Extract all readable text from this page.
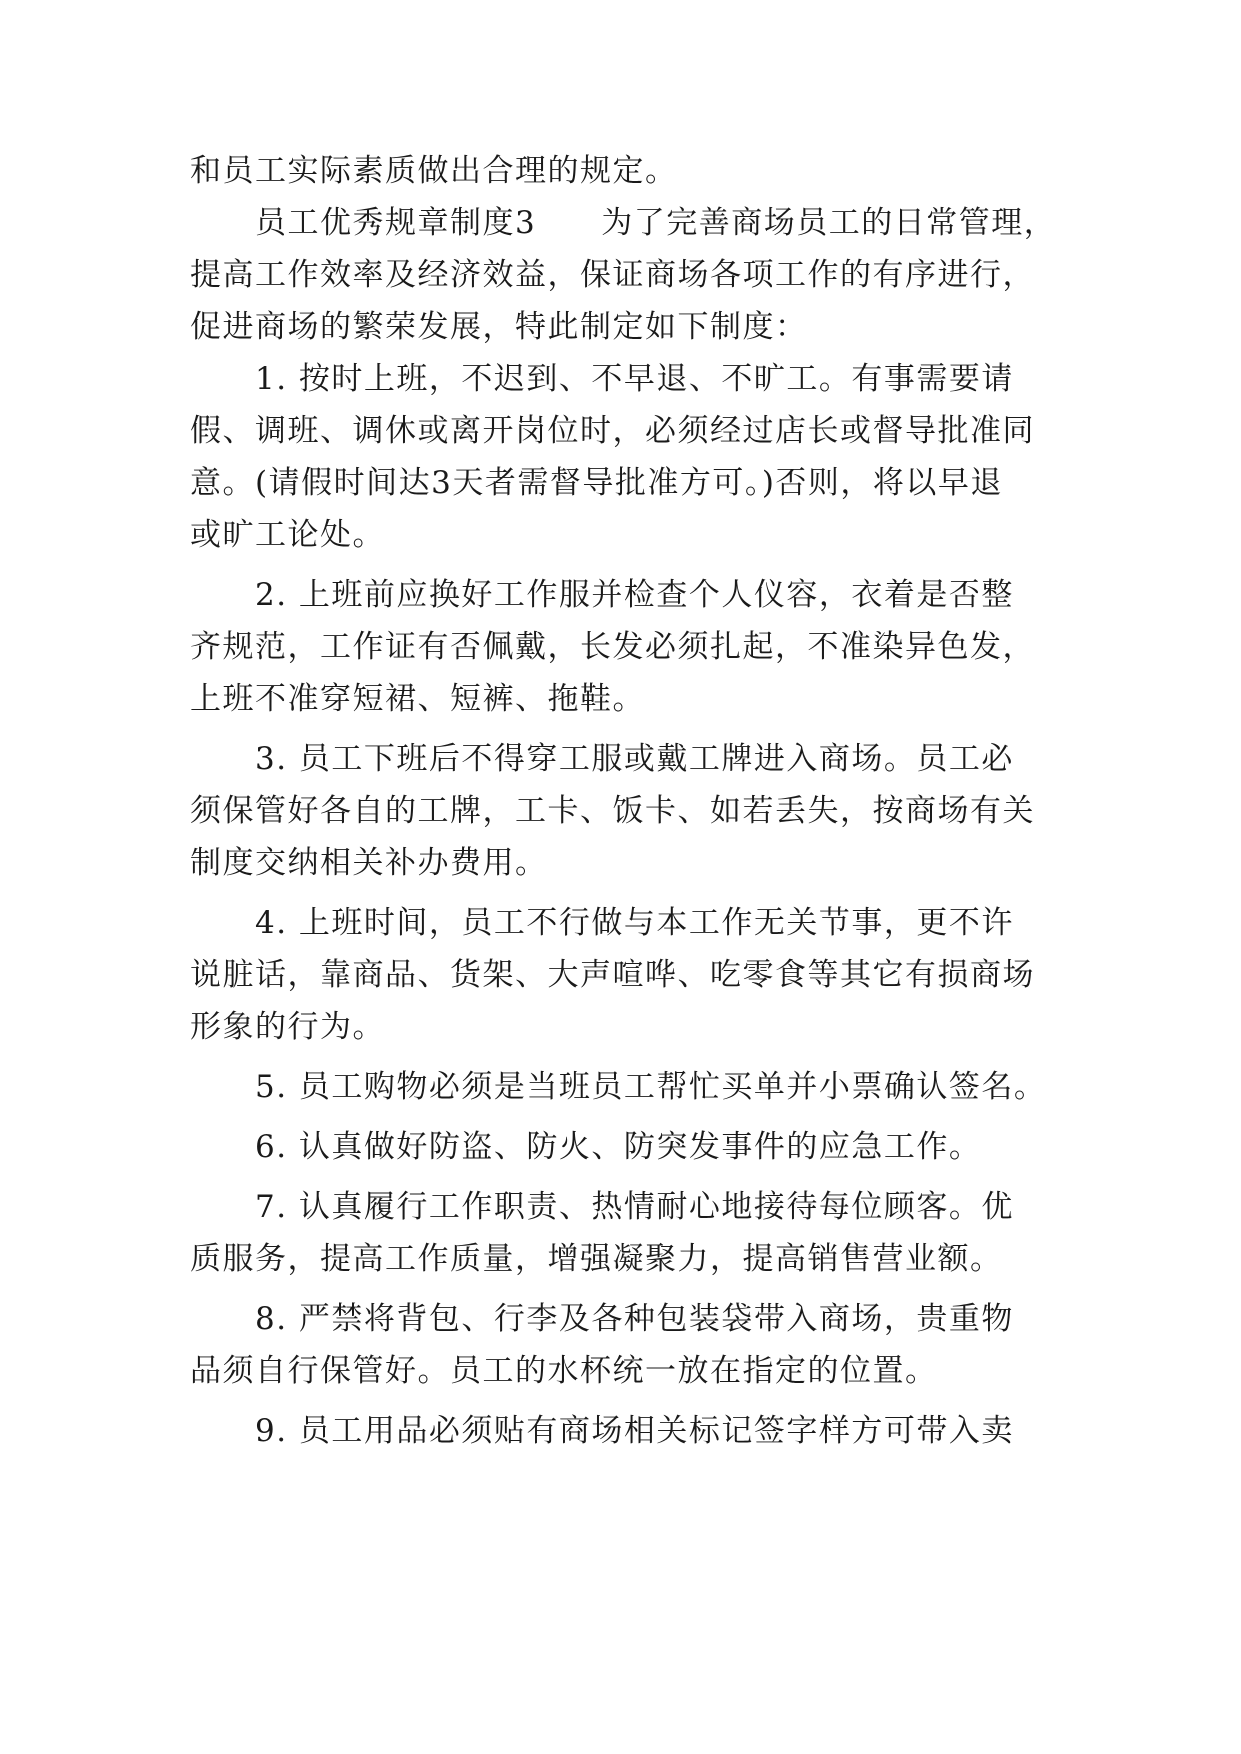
和员工实际素质做出合理的规定。
员工优秀规章制度3　　为了完善商场员工的日常管理，
提高工作效率及经济效益，保证商场各项工作的有序进行，
促进商场的繁荣发展，特此制定如下制度：
1. 按时上班，不迟到、不早退、不旷工。有事需要请
假、调班、调休或离开岗位时，必须经过店长或督导批准同
意。(请假时间达3天者需督导批准方可。)否则，将以早退
或旷工论处。
2. 上班前应换好工作服并检查个人仪容，衣着是否整
齐规范，工作证有否佩戴，长发必须扎起，不准染异色发，
上班不准穿短裙、短裤、拖鞋。
3. 员工下班后不得穿工服或戴工牌进入商场。员工必
须保管好各自的工牌，工卡、饭卡、如若丢失，按商场有关
制度交纳相关补办费用。
4. 上班时间，员工不行做与本工作无关节事，更不许
说脏话，靠商品、货架、大声喧哗、吃零食等其它有损商场
形象的行为。
5. 员工购物必须是当班员工帮忙买单并小票确认签名。
6. 认真做好防盗、防火、防突发事件的应急工作。
7. 认真履行工作职责、热情耐心地接待每位顾客。优
质服务，提高工作质量，增强凝聚力，提高销售营业额。
8. 严禁将背包、行李及各种包装袋带入商场，贵重物
品须自行保管好。员工的水杯统一放在指定的位置。
9. 员工用品必须贴有商场相关标记签字样方可带入卖
